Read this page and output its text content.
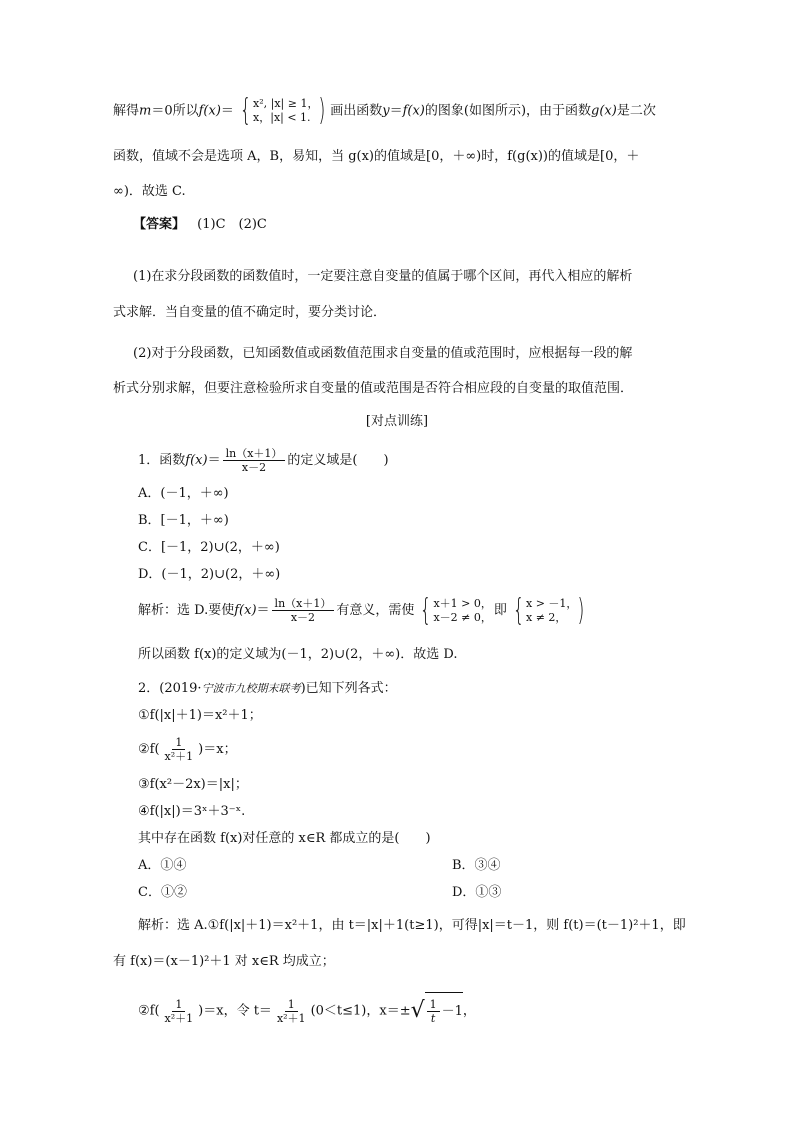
解得m＝0所以f(x)＝ { x², |x| ≥ 1，
x，|x| < 1. ) 画出函数y＝f(x)的图象(如图所示)，由于函数g(x)是二次
函数，值域不会是选项 A，B，易知，当 g(x)的值域是[0，＋∞)时，f(g(x))的值域是[0，＋
∞)．故选 C.
【答案】 (1)C　(2)C
(1)在求分段函数的函数值时，一定要注意自变量的值属于哪个区间，再代入相应的解析
式求解．当自变量的值不确定时，要分类讨论．
(2)对于分段函数，已知函数值或函数值范围求自变量的值或范围时，应根据每一段的解
析式分别求解，但要注意检验所求自变量的值或范围是否符合相应段的自变量的取值范围．
[对点训练]
1．函数$f(x)= \frac{\ln(x+1)}{x-2}$ 的定义域是(　　)
A．(－1，＋∞)
B．[－1，＋∞)
C．[－1，2)∪(2，＋∞)
D．(－1，2)∪(2，＋∞)
解析：选 D.要使$f(x)= \frac{\ln(x+1)}{x-2}$ 有意义，需使 { x＋1 > 0，
x－2 ≠ 0， 即 { x > －1，
x ≠ 2， )
所以函数 f(x)的定义域为(－1，2)∪(2，＋∞)．故选 D.
2．(2019·宁波市九校期末联考)已知下列各式：
①f(|x|＋1)＝x²＋1；
②f( $\frac{1}{\text{x²＋1}} )=x$；
③f(x²－2x)＝|x|；
④f(|x|)＝3ˣ＋3⁻ˣ.
其中存在函数 f(x)对任意的 x∈R 都成立的是(　　)
A．①④	B．③④
C．①②	D．①③
解析：选 A.①f(|x|＋1)＝x²＋1，由 t＝|x|＋1(t≥1)，可得|x|＝t－1，则 f(t)＝(t－1)²＋1，即
有 f(x)＝(x－1)²＋1 对 x∈R 均成立；
②f( $\frac{1}{\text{x²＋1}} )=x$，令 $t= \frac{1}{\text{x²＋1}} (0<t\le 1)$，x＝± √ $\frac{1}{t} -1$ ，
